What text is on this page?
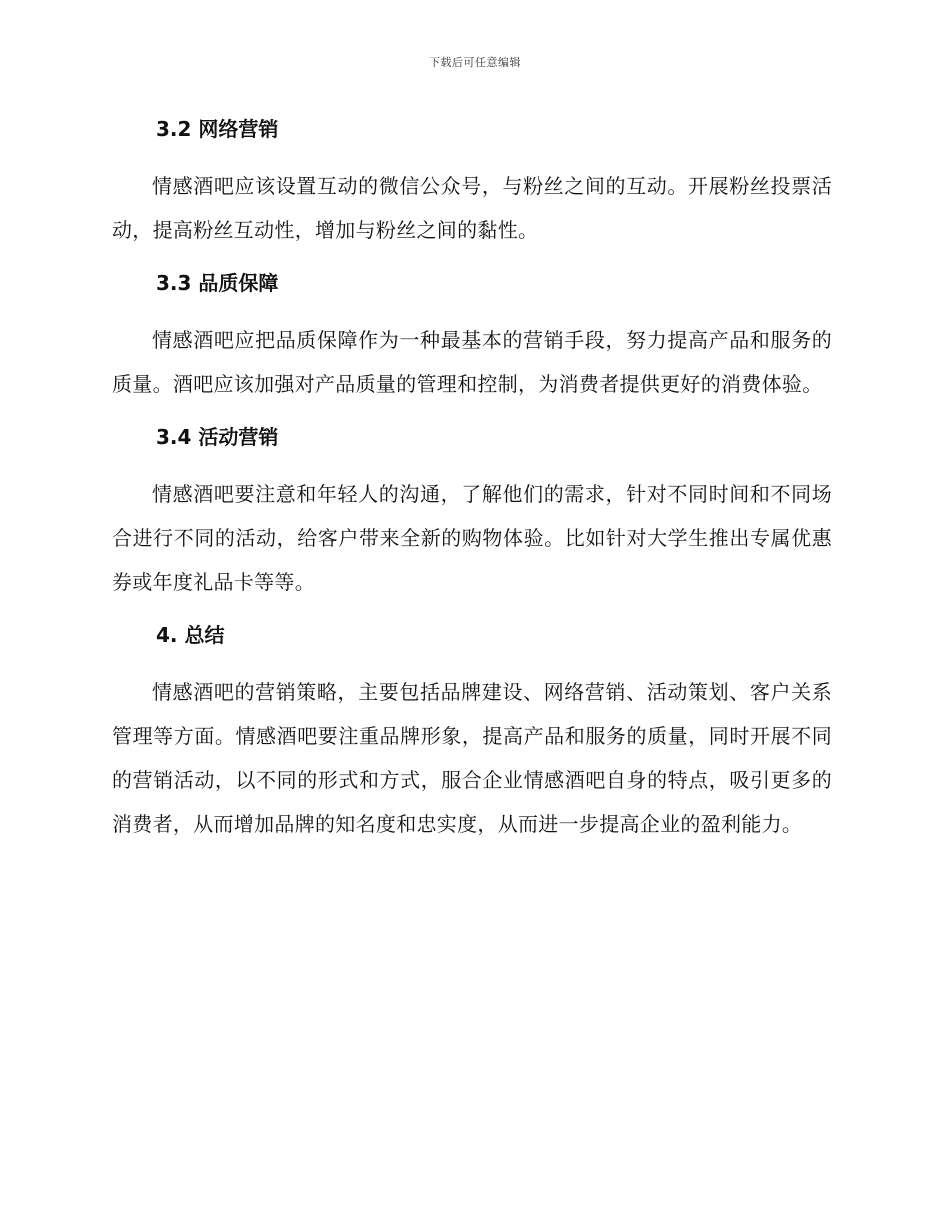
下载后可任意编辑
3.2 网络营销

情感酒吧应该设置互动的微信公众号，与粉丝之间的互动。开展粉丝投票活动，提高粉丝互动性，增加与粉丝之间的黏性。

3.3 品质保障

情感酒吧应把品质保障作为一种最基本的营销手段，努力提高产品和服务的质量。酒吧应该加强对产品质量的管理和控制，为消费者提供更好的消费体验。

3.4 活动营销

情感酒吧要注意和年轻人的沟通，了解他们的需求，针对不同时间和不同场合进行不同的活动，给客户带来全新的购物体验。比如针对大学生推出专属优惠券或年度礼品卡等等。

4. 总结

情感酒吧的营销策略，主要包括品牌建设、网络营销、活动策划、客户关系管理等方面。情感酒吧要注重品牌形象，提高产品和服务的质量，同时开展不同的营销活动，以不同的形式和方式，服合企业情感酒吧自身的特点，吸引更多的消费者，从而增加品牌的知名度和忠实度，从而进一步提高企业的盈利能力。
